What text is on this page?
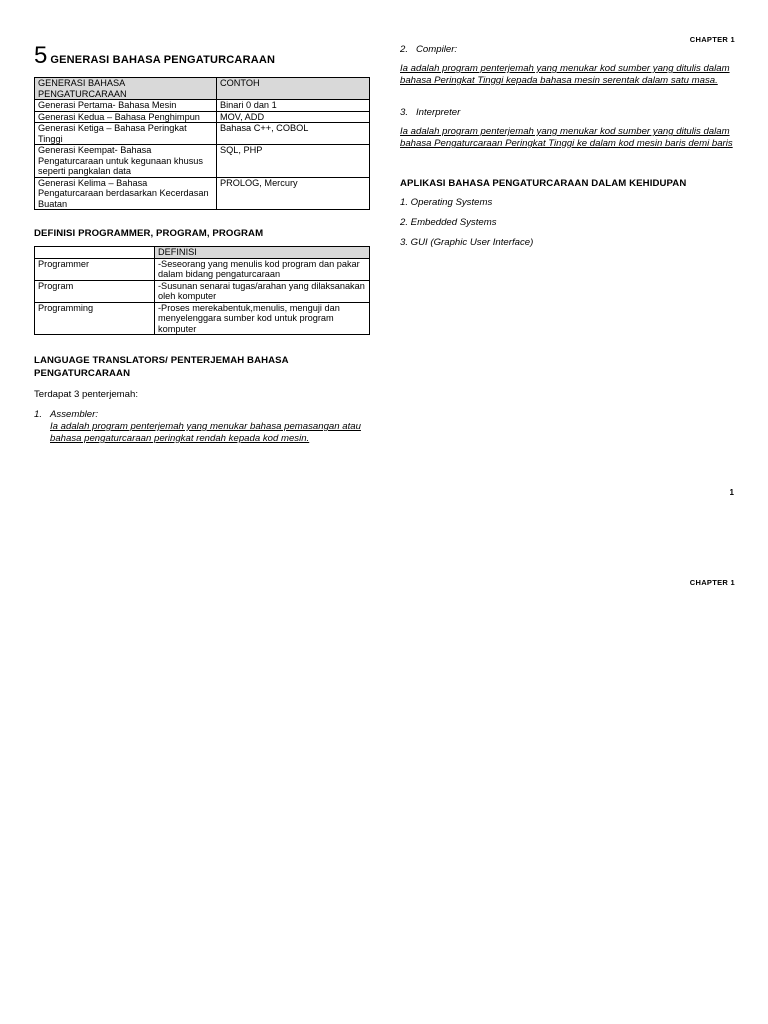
CHAPTER 1
5 GENERASI BAHASA PENGATURCARAAN
GENERASI BAHASA PENGATURCARAAN	CONTOH
Generasi Pertama- Bahasa Mesin	Binari 0 dan 1
Generasi Kedua – Bahasa Penghimpun	MOV, ADD
Generasi Ketiga – Bahasa Peringkat Tinggi	Bahasa C++, COBOL
Generasi Keempat- Bahasa Pengaturcaraan untuk kegunaan khusus seperti pangkalan data	SQL, PHP
Generasi Kelima – Bahasa Pengaturcaraan berdasarkan Kecerdasan Buatan	PROLOG, Mercury
DEFINISI PROGRAMMER, PROGRAM, PROGRAM
	DEFINISI
Programmer	-Seseorang yang menulis kod program dan pakar dalam bidang pengaturcaraan
Program	-Susunan senarai tugas/arahan yang dilaksanakan oleh komputer
Programming	-Proses merekabentuk,menulis, menguji dan menyelenggara sumber kod untuk program komputer
LANGUAGE TRANSLATORS/ PENTERJEMAH BAHASA PENGATURCARAAN

Terdapat 3 penterjemah:

1. Assembler:

Ia adalah program penterjemah yang menukar bahasa pemasangan atau bahasa pengaturcaraan peringkat rendah kepada kod mesin.

1

2. Compiler:

Ia adalah program penterjemah yang menukar kod sumber yang ditulis dalam bahasa Peringkat Tinggi kepada bahasa mesin serentak dalam satu masa.

3. Interpreter

Ia adalah program penterjemah yang menukar kod sumber yang ditulis dalam bahasa Pengaturcaraan Peringkat Tinggi ke dalam kod mesin baris demi baris

APLIKASI BAHASA PENGATURCARAAN DALAM KEHIDUPAN

1. Operating Systems

2. Embedded Systems

3. GUI (Graphic User Interface)

CHAPTER 1
